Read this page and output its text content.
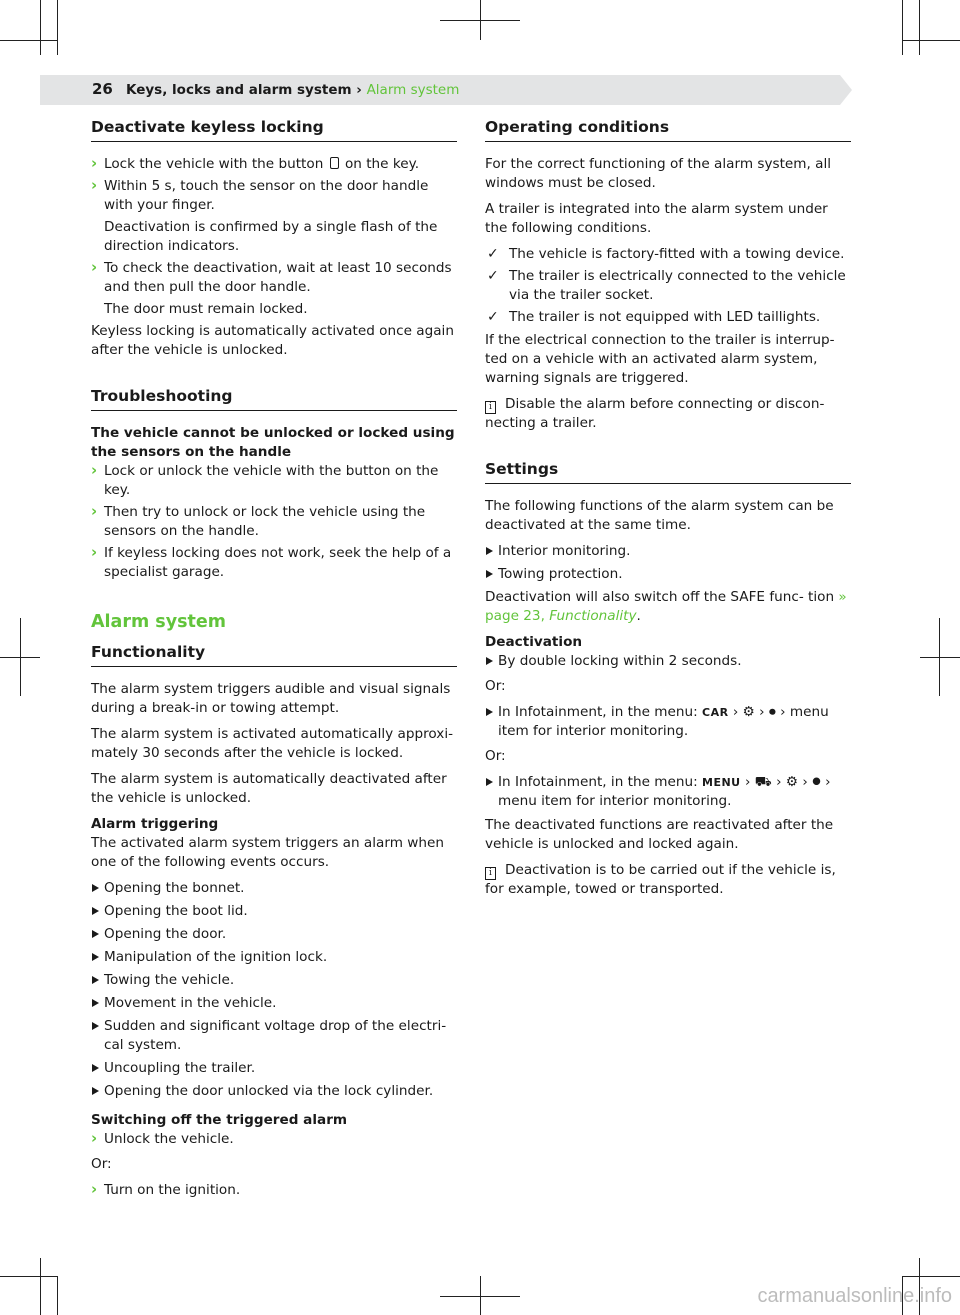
26 Keys, locks and alarm system › Alarm system
Deactivate keyless locking
› Lock the vehicle with the button on the key.
› Within 5 s, touch the sensor on the door handle with your finger.
Deactivation is confirmed by a single flash of the direction indicators.
› To check the deactivation, wait at least 10 seconds and then pull the door handle.
The door must remain locked.

Keyless locking is automatically activated once again after the vehicle is unlocked.

Troubleshooting
The vehicle cannot be unlocked or locked using the sensors on the handle
› Lock or unlock the vehicle with the button on the key.
› Then try to unlock or lock the vehicle using the sensors on the handle.
› If keyless locking does not work, seek the help of a specialist garage.
Alarm system
Functionality

The alarm system triggers audible and visual signals during a break-in or towing attempt.

The alarm system is activated automatically approxi- mately 30 seconds after the vehicle is locked.

The alarm system is automatically deactivated after the vehicle is unlocked.

Alarm triggering

The activated alarm system triggers an alarm when one of the following events occurs.

Opening the bonnet.
Opening the boot lid.
Opening the door.
Manipulation of the ignition lock.
Towing the vehicle.
Movement in the vehicle.
Sudden and significant voltage drop of the electri- cal system.
Uncoupling the trailer.
Opening the door unlocked via the lock cylinder.
Switching off the triggered alarm
› Unlock the vehicle.

Or:

› Turn on the ignition.
Operating conditions

For the correct functioning of the alarm system, all windows must be closed.

A trailer is integrated into the alarm system under the following conditions.

✓ The vehicle is factory-fitted with a towing device.
✓ The trailer is electrically connected to the vehicle via the trailer socket.
✓ The trailer is not equipped with LED taillights.

If the electrical connection to the trailer is interrup- ted on a vehicle with an activated alarm system, warning signals are triggered.

i Disable the alarm before connecting or discon- necting a trailer.

Settings

The following functions of the alarm system can be deactivated at the same time.

Interior monitoring.
Towing protection.

Deactivation will also switch off the SAFE func- tion » page 23, Functionality.

Deactivation
By double locking within 2 seconds.

Or:

In Infotainment, in the menu: CAR › ⚙ › ⏺ › menu item for interior monitoring.

Or:

In Infotainment, in the menu: MENU › ⛟ › ⚙ › ⏺ › menu item for interior monitoring.

The deactivated functions are reactivated after the vehicle is unlocked and locked again.

i Deactivation is to be carried out if the vehicle is, for example, towed or transported.

carmanualsonline.info
